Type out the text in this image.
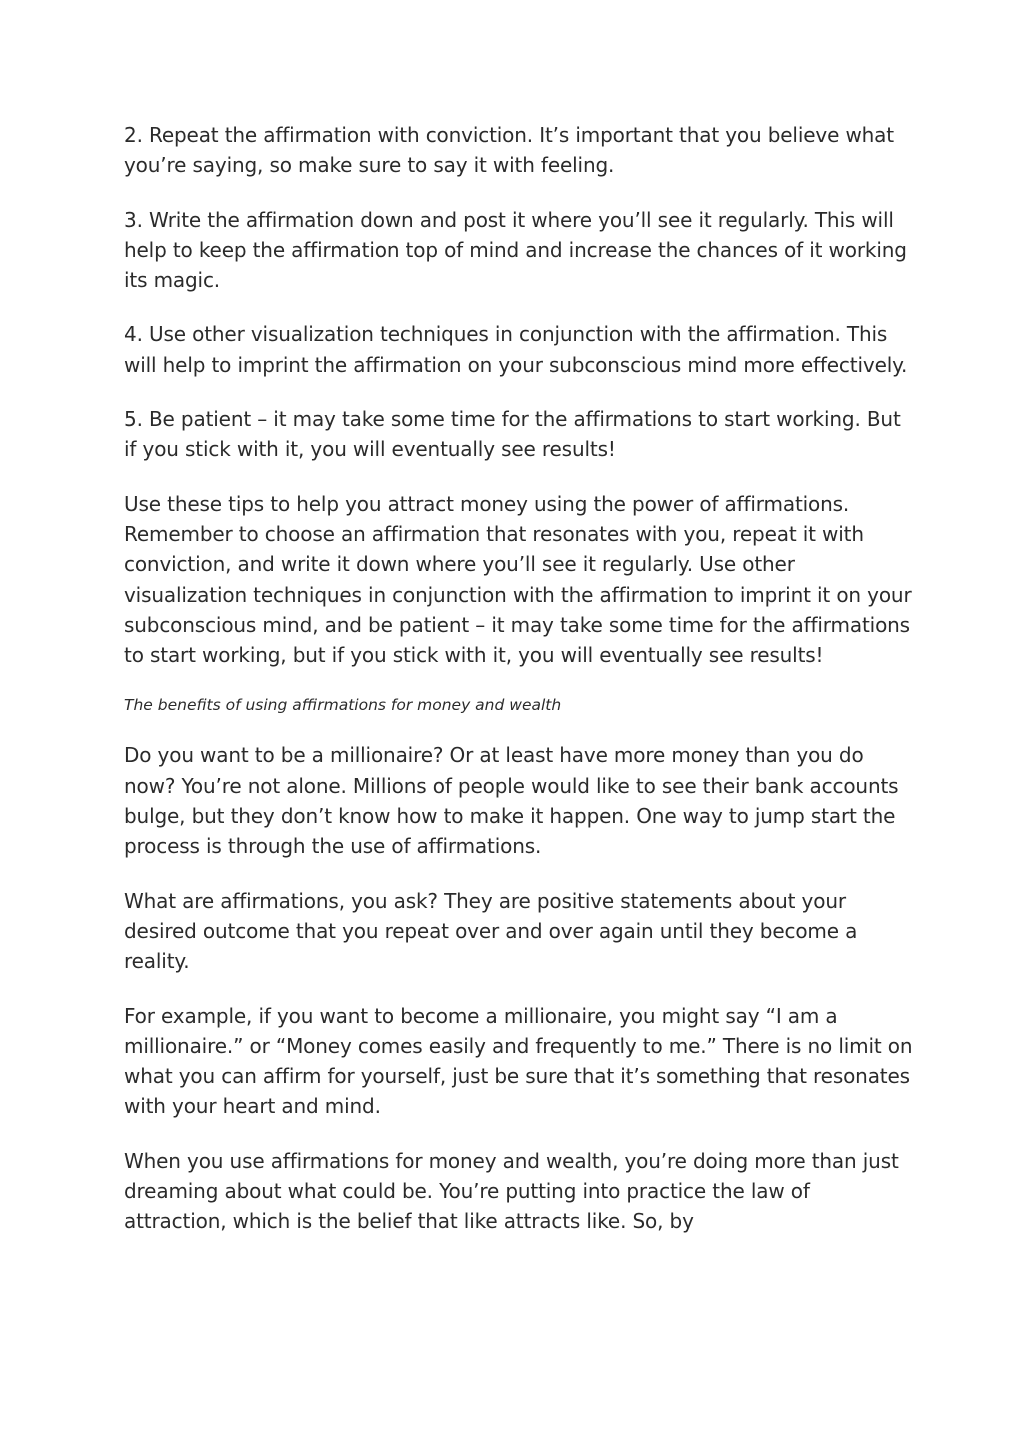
2. Repeat the affirmation with conviction. It’s important that you believe what you’re saying, so make sure to say it with feeling.

3. Write the affirmation down and post it where you’ll see it regularly. This will help to keep the affirmation top of mind and increase the chances of it working its magic.

4. Use other visualization techniques in conjunction with the affirmation. This will help to imprint the affirmation on your subconscious mind more effectively.

5. Be patient – it may take some time for the affirmations to start working. But if you stick with it, you will eventually see results!

Use these tips to help you attract money using the power of affirmations. Remember to choose an affirmation that resonates with you, repeat it with conviction, and write it down where you’ll see it regularly. Use other visualization techniques in conjunction with the affirmation to imprint it on your subconscious mind, and be patient – it may take some time for the affirmations to start working, but if you stick with it, you will eventually see results!

The benefits of using affirmations for money and wealth

Do you want to be a millionaire? Or at least have more money than you do now? You’re not alone. Millions of people would like to see their bank accounts bulge, but they don’t know how to make it happen. One way to jump start the process is through the use of affirmations.

What are affirmations, you ask? They are positive statements about your desired outcome that you repeat over and over again until they become a reality.

For example, if you want to become a millionaire, you might say “I am a millionaire.” or “Money comes easily and frequently to me.” There is no limit on what you can affirm for yourself, just be sure that it’s something that resonates with your heart and mind.

When you use affirmations for money and wealth, you’re doing more than just dreaming about what could be. You’re putting into practice the law of attraction, which is the belief that like attracts like. So, by
